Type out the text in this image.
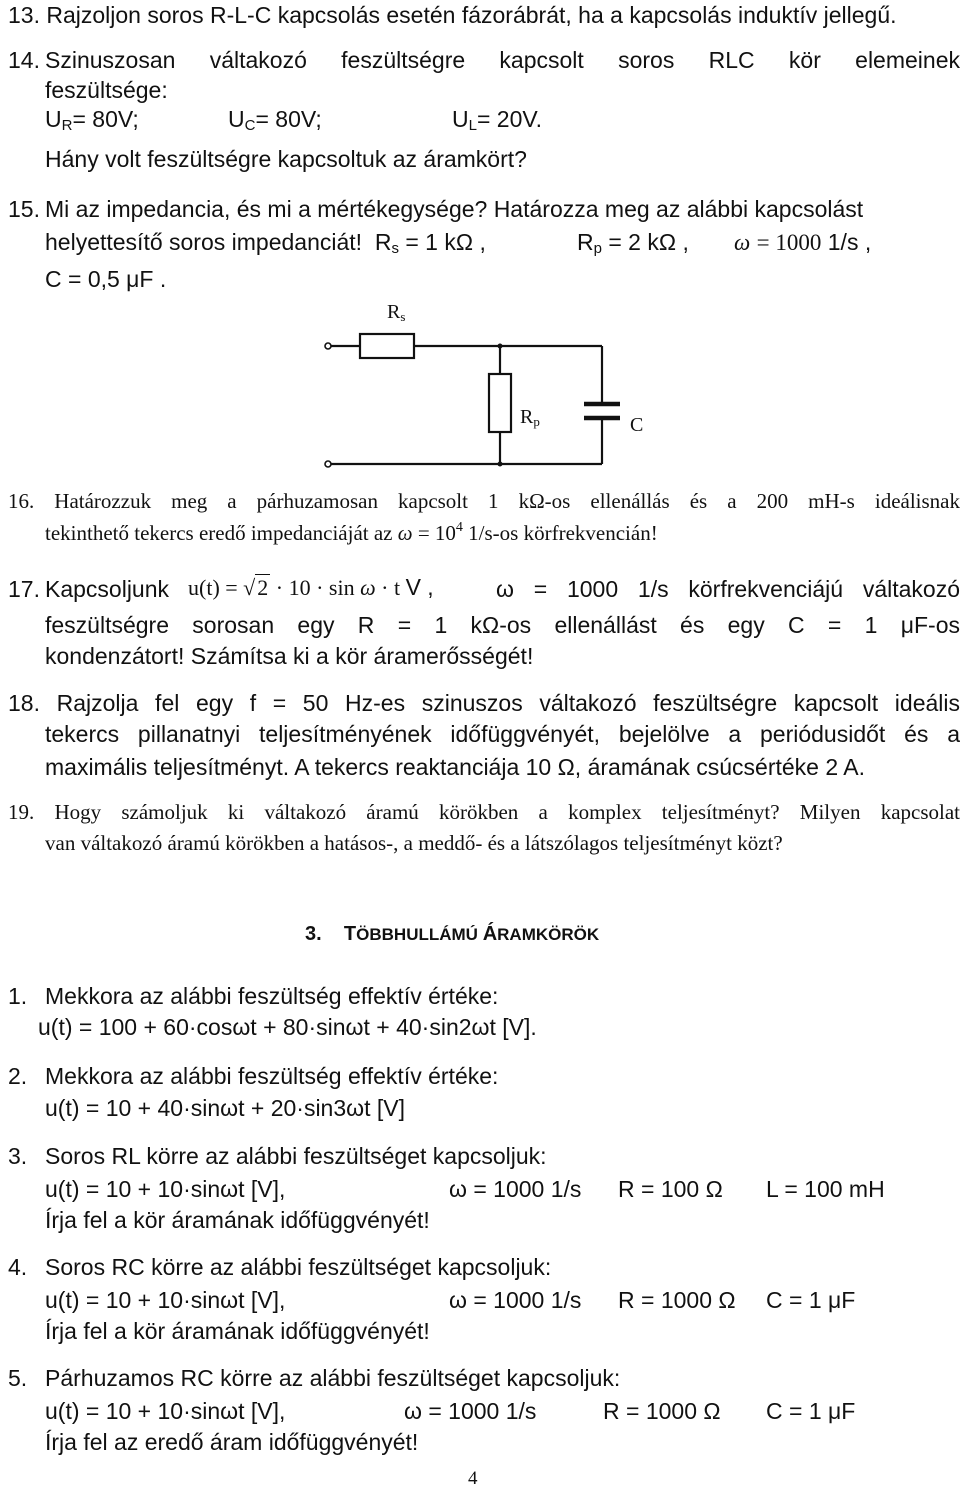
13. Rajzoljon soros R-L-C kapcsolás esetén fázorábrát, ha a kapcsolás induktív jellegű.
14. Szinuszosan váltakozó feszültségre kapcsolt soros RLC kör elemeinek
feszültsége:
$U_R= 80V$;	$U_C= 80V$;	$U_L= 20V$.
Hány volt feszültségre kapcsoltuk az áramkört?
15. Mi az impedancia, és mi a mértékegysége? Határozza meg az alábbi kapcsolást
helyettesítő soros impedanciát! $R_s = 1$ kΩ ,	$R_p = 2$ kΩ , ω = 1000 1/s ,
C = 0,5 μF .
$R_s$
$R_p$	C
16. Határozzuk meg a párhuzamosan kapcsolt 1 kΩ-os ellenállás és a 200 mH-s ideálisnak
tekinthető tekercs eredő impedanciáját az $\omega = 10^4$ 1/s-os körfrekvencián!
17. Kapcsoljunk u(t) = √2 · 10 · sin ω · t V ,	ω = 1000 1/s körfrekvenciájú váltakozó
feszültségre sorosan egy R = 1 kΩ-os ellenállást és egy C = 1 μF-os
kondenzátort! Számítsa ki a kör áramerősségét!
18. Rajzolja fel egy f = 50 Hz-es szinuszos váltakozó feszültségre kapcsolt ideális
tekercs pillanatnyi teljesítményének időfüggvényét, bejelölve a periódusidőt és a
maximális teljesítményt. A tekercs reaktanciája 10 Ω, áramának csúcsértéke 2 A.
19. Hogy számoljuk ki váltakozó áramú körökben a komplex teljesítményt? Milyen kapcsolat
van váltakozó áramú körökben a hatásos-, a meddő- és a látszólagos teljesítményt közt?
3. TÖBBHULLÁMÚ ÁRAMKÖRÖK
1. Mekkora az alábbi feszültség effektív értéke:
u(t) = 100 + 60·cosωt + 80·sinωt + 40·sin2ωt [V].
2. Mekkora az alábbi feszültség effektív értéke:
u(t) = 10 + 40·sinωt + 20·sin3ωt [V]
3. Soros RL körre az alábbi feszültséget kapcsoljuk:
u(t) = 10 + 10·sinωt [V],	ω = 1000 1/s R = 100 Ω L = 100 mH
Írja fel a kör áramának időfüggvényét!
4. Soros RC körre az alábbi feszültséget kapcsoljuk:
u(t) = 10 + 10·sinωt [V],	ω = 1000 1/s R = 1000 Ω C = 1 μF
Írja fel a kör áramának időfüggvényét!
5. Párhuzamos RC körre az alábbi feszültséget kapcsoljuk:
u(t) = 10 + 10·sinωt [V],	ω = 1000 1/s	R = 1000 Ω C = 1 μF
Írja fel az eredő áram időfüggvényét!
4
